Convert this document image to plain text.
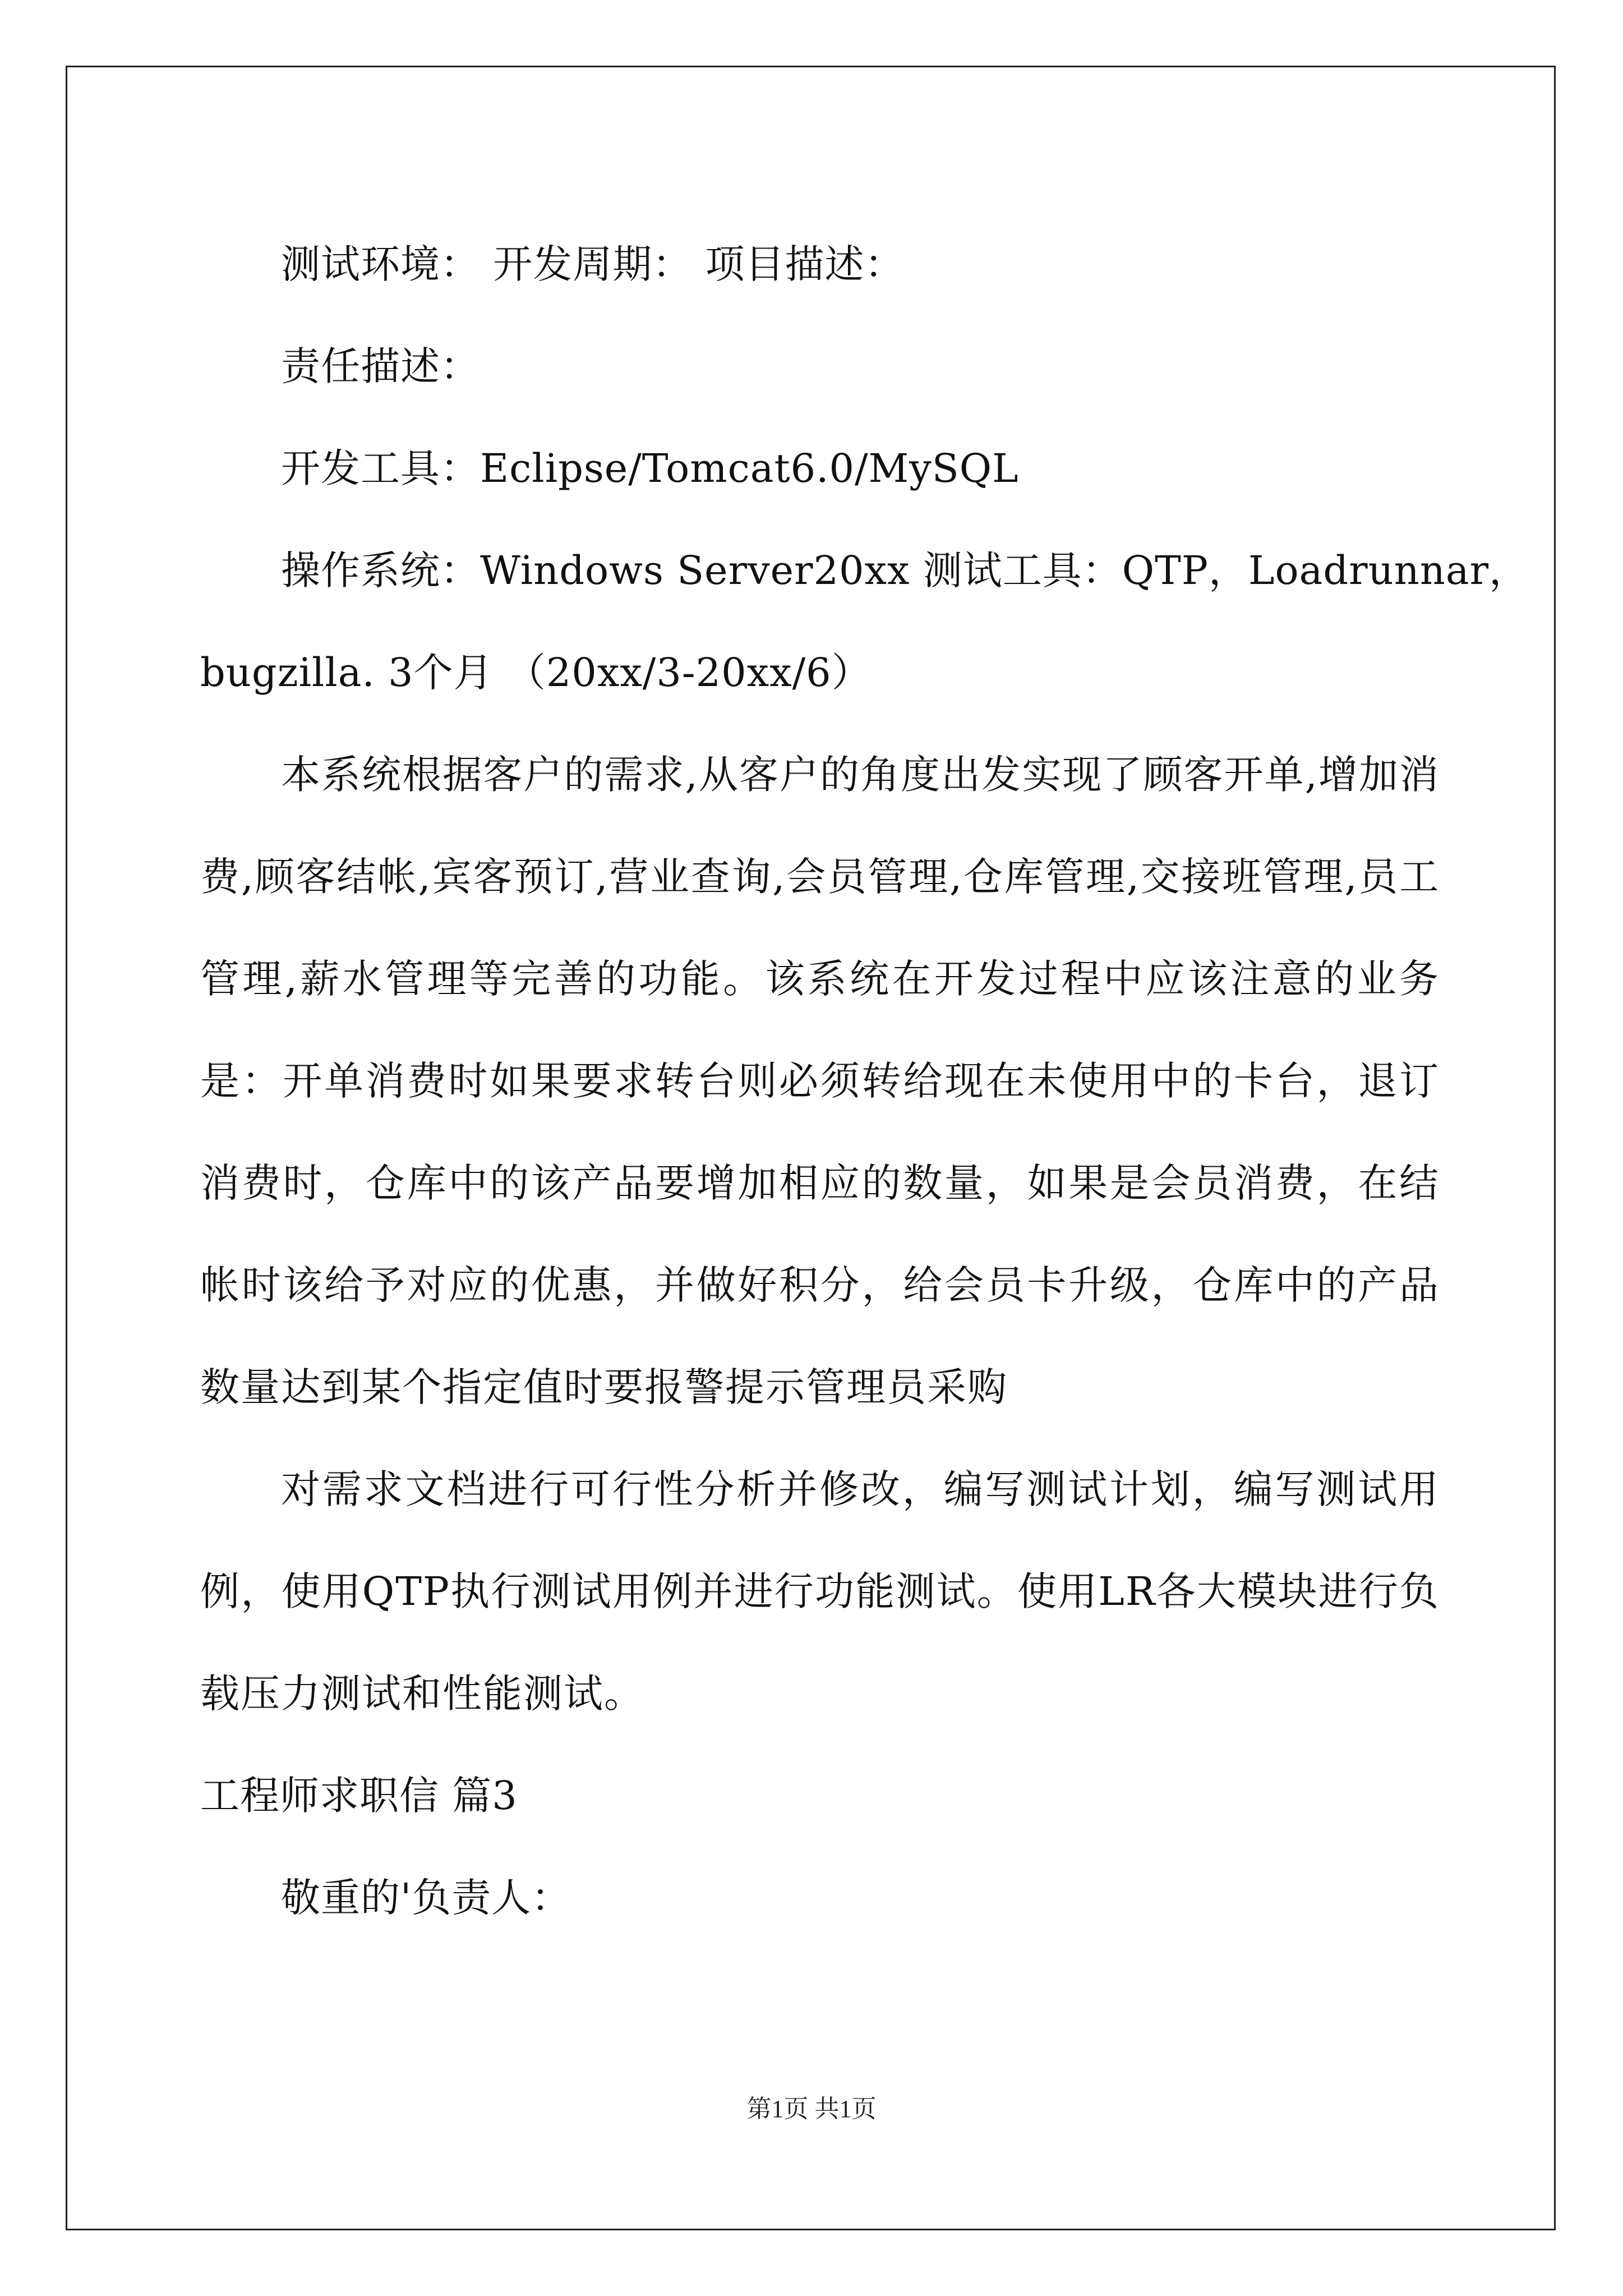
测试环境： 开发周期： 项目描述：
责任描述：
开发工具：Eclipse/Tomcat6.0/MySQL
操作系统：Windows Server20xx 测试工具：QTP，Loadrunnar，
bugzilla. 3个月 （20xx/3-20xx/6）

本系统根据客户的需求,从客户的角度出发实现了顾客开单,增加消费,顾客结帐,宾客预订,营业查询,会员管理,仓库管理,交接班管理,员工管理,薪水管理等完善的功能。该系统在开发过程中应该注意的业务是：开单消费时如果要求转台则必须转给现在未使用中的卡台，退订消费时，仓库中的该产品要增加相应的数量，如果是会员消费，在结帐时该给予对应的优惠，并做好积分，给会员卡升级，仓库中的产品数量达到某个指定值时要报警提示管理员采购

对需求文档进行可行性分析并修改，编写测试计划，编写测试用例，使用QTP执行测试用例并进行功能测试。使用LR各大模块进行负载压力测试和性能测试。

工程师求职信 篇3
敬重的'负责人：
第1页 共1页
